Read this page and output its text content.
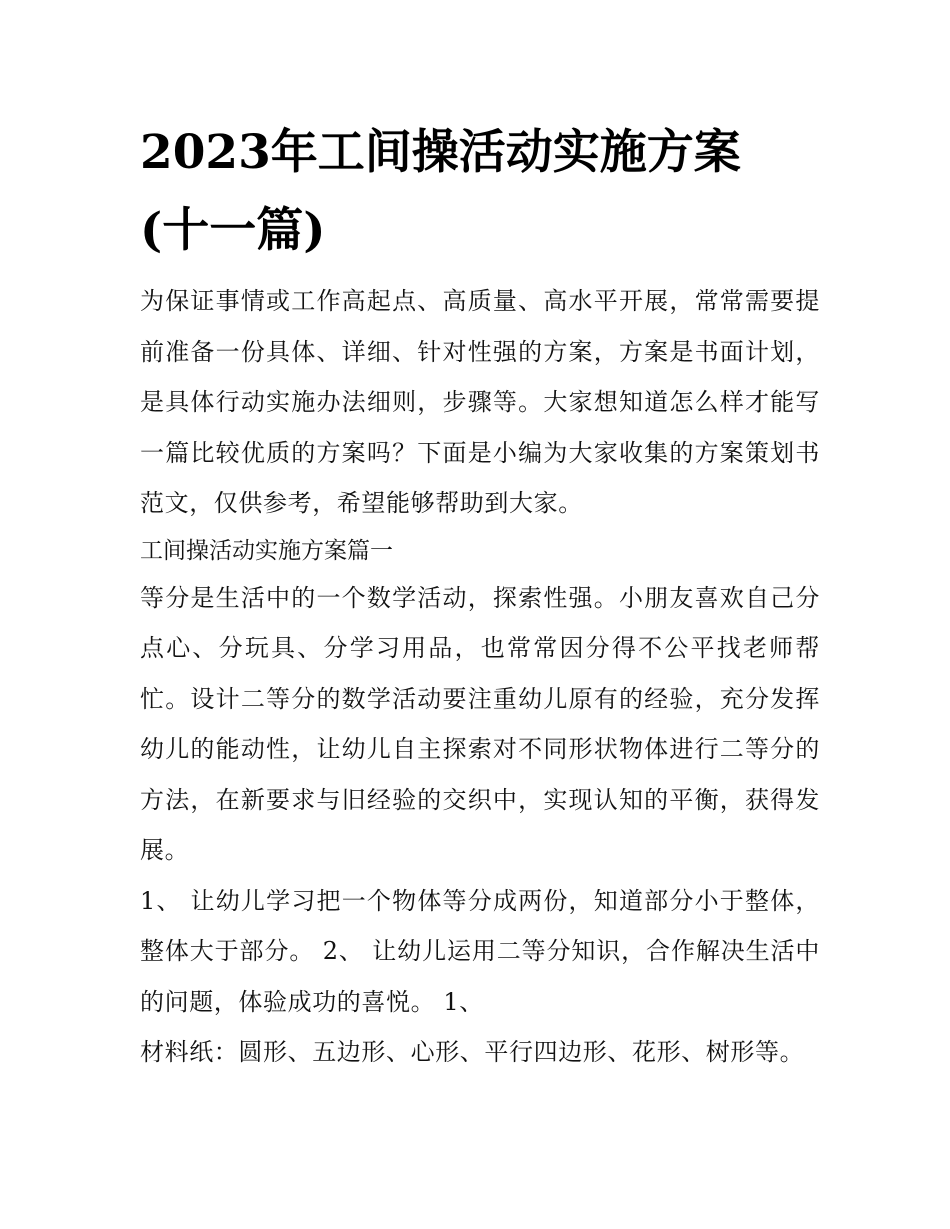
2023年工间操活动实施方案
(十一篇)

为保证事情或工作高起点、高质量、高水平开展，常常需要提前准备一份具体、详细、针对性强的方案，方案是书面计划，是具体行动实施办法细则，步骤等。大家想知道怎么样才能写一篇比较优质的方案吗？下面是小编为大家收集的方案策划书范文，仅供参考，希望能够帮助到大家。

工间操活动实施方案篇一

等分是生活中的一个数学活动，探索性强。小朋友喜欢自己分点心、分玩具、分学习用品，也常常因分得不公平找老师帮忙。设计二等分的数学活动要注重幼儿原有的经验，充分发挥幼儿的能动性，让幼儿自主探索对不同形状物体进行二等分的方法，在新要求与旧经验的交织中，实现认知的平衡，获得发展。

1、 让幼儿学习把一个物体等分成两份，知道部分小于整体，整体大于部分。 2、 让幼儿运用二等分知识，合作解决生活中的问题，体验成功的喜悦。 1、

材料纸：圆形、五边形、心形、平行四边形、花形、树形等。
